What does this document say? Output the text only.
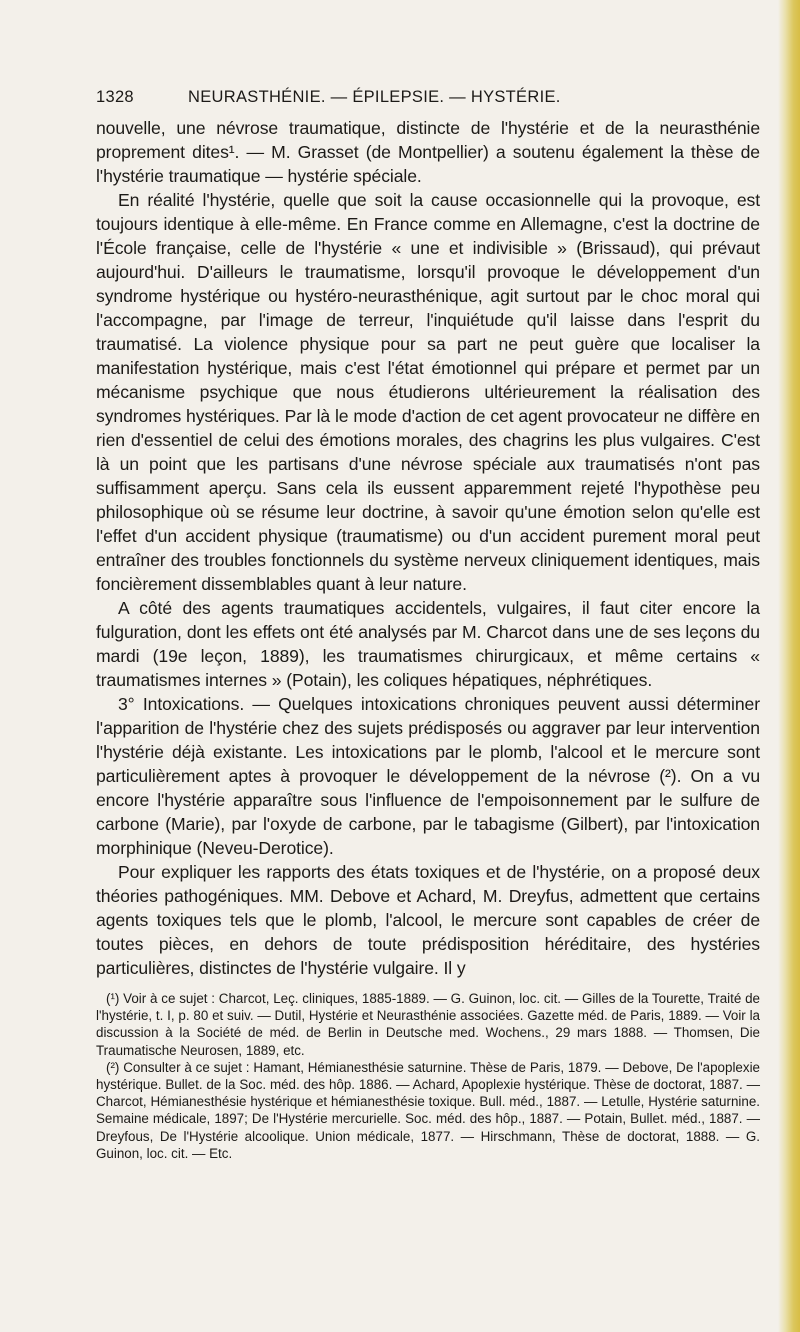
1328	NEURASTHÉNIE. — ÉPILEPSIE. — HYSTÉRIE.

nouvelle, une névrose traumatique, distincte de l'hystérie et de la neurasthénie proprement dites¹. — M. Grasset (de Montpellier) a soutenu également la thèse de l'hystérie traumatique — hystérie spéciale.

En réalité l'hystérie, quelle que soit la cause occasionnelle qui la provoque, est toujours identique à elle-même. En France comme en Allemagne, c'est la doctrine de l'École française, celle de l'hystérie « une et indivisible » (Brissaud), qui prévaut aujourd'hui. D'ailleurs le traumatisme, lorsqu'il provoque le développement d'un syndrome hystérique ou hystéro-neurasthénique, agit surtout par le choc moral qui l'accompagne, par l'image de terreur, l'inquiétude qu'il laisse dans l'esprit du traumatisé. La violence physique pour sa part ne peut guère que localiser la manifestation hystérique, mais c'est l'état émotionnel qui prépare et permet par un mécanisme psychique que nous étudierons ultérieurement la réalisation des syndromes hystériques. Par là le mode d'action de cet agent provocateur ne diffère en rien d'essentiel de celui des émotions morales, des chagrins les plus vulgaires. C'est là un point que les partisans d'une névrose spéciale aux traumatisés n'ont pas suffisamment aperçu. Sans cela ils eussent apparemment rejeté l'hypothèse peu philosophique où se résume leur doctrine, à savoir qu'une émotion selon qu'elle est l'effet d'un accident physique (traumatisme) ou d'un accident purement moral peut entraîner des troubles fonctionnels du système nerveux cliniquement identiques, mais foncièrement dissemblables quant à leur nature.

A côté des agents traumatiques accidentels, vulgaires, il faut citer encore la fulguration, dont les effets ont été analysés par M. Charcot dans une de ses leçons du mardi (19e leçon, 1889), les traumatismes chirurgicaux, et même certains « traumatismes internes » (Potain), les coliques hépatiques, néphrétiques.

3° Intoxications. — Quelques intoxications chroniques peuvent aussi déterminer l'apparition de l'hystérie chez des sujets prédisposés ou aggraver par leur intervention l'hystérie déjà existante. Les intoxications par le plomb, l'alcool et le mercure sont particulièrement aptes à provoquer le développement de la névrose (²). On a vu encore l'hystérie apparaître sous l'influence de l'empoisonnement par le sulfure de carbone (Marie), par l'oxyde de carbone, par le tabagisme (Gilbert), par l'intoxication morphinique (Neveu-Derotice).

Pour expliquer les rapports des états toxiques et de l'hystérie, on a proposé deux théories pathogéniques. MM. Debove et Achard, M. Dreyfus, admettent que certains agents toxiques tels que le plomb, l'alcool, le mercure sont capables de créer de toutes pièces, en dehors de toute prédisposition héréditaire, des hystéries particulières, distinctes de l'hystérie vulgaire. Il y

(¹) Voir à ce sujet : Charcot, Leç. cliniques, 1885-1889. — G. Guinon, loc. cit. — Gilles de la Tourette, Traité de l'hystérie, t. I, p. 80 et suiv. — Dutil, Hystérie et Neurasthénie associées. Gazette méd. de Paris, 1889. — Voir la discussion à la Société de méd. de Berlin in Deutsche med. Wochens., 29 mars 1888. — Thomsen, Die Traumatische Neurosen, 1889, etc.

(²) Consulter à ce sujet : Hamant, Hémianesthésie saturnine. Thèse de Paris, 1879. — Debove, De l'apoplexie hystérique. Bullet. de la Soc. méd. des hôp. 1886. — Achard, Apoplexie hystérique. Thèse de doctorat, 1887. — Charcot, Hémianesthésie hystérique et hémianesthésie toxique. Bull. méd., 1887. — Letulle, Hystérie saturnine. Semaine médicale, 1897; De l'Hystérie mercurielle. Soc. méd. des hôp., 1887. — Potain, Bullet. méd., 1887. — Dreyfous, De l'Hystérie alcoolique. Union médicale, 1877. — Hirschmann, Thèse de doctorat, 1888. — G. Guinon, loc. cit. — Etc.
